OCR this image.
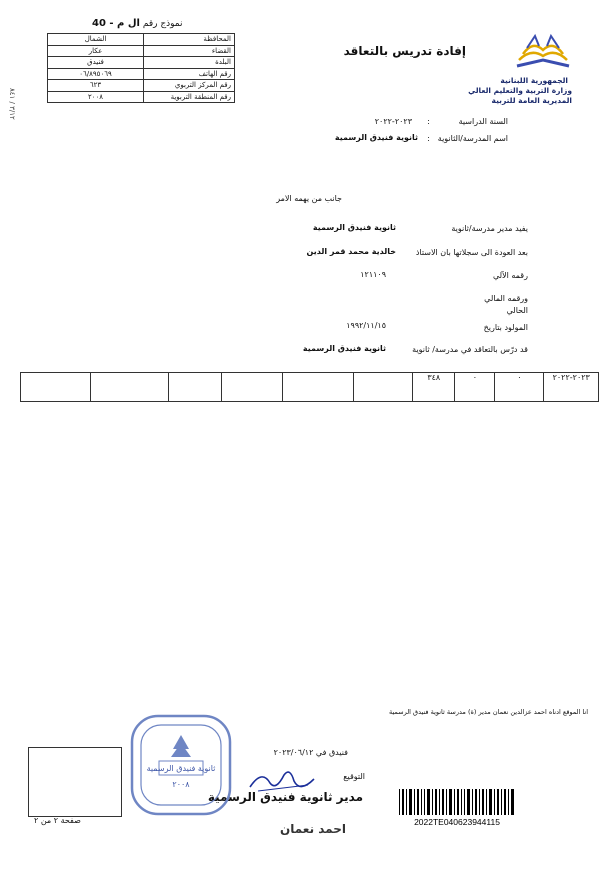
٣/١٢ / ٨٤١
نموذج رقم ال م - 40
الشمال	المحافظة
عكار	القضاء
فنيدق	البلدة
٠٦/٨٩٥٠٦٩	رقم الهاتف
٦٢٣	رقم المركز التربوي
٢٠٠٨	رقم المنطقة التربوية
إفادة تدريس بالتعاقد
الجمهورية اللبنانية
وزارة التربية والتعليم العالي
المديرية العامة للتربية
السنة الدراسية
:
٢٠٢٣-٢٠٢٢
اسم المدرسة/الثانوية
:
ثانوية فنيدق الرسمية
جانب من يهمه الامر
يفيد مدير مدرسة/ثانوية
ثانوية فنيدق الرسمية
بعد العودة الى سجلاتها بان الاستاذ
خالدية محمد قمر الدين
رقمه الآلي
١٢١١٠٩
ورقمه المالي
الحالي
المولود بتاريخ
١٩٩٢/١١/١٥
قد درّس بالتعاقد في مدرسة/ ثانوية
ثانوية فنيدق الرسمية
						٣٤٨	٠	٠	٢٠٢٣-٢٠٢٢
انا الموقع ادناه احمد عزالدين نعمان مدير (ة) مدرسة ثانوية فنيدق الرسمية
فنيدق في ٢٠٢٣/٠٦/١٢
التوقيع
مدير ثانوية فنيدق الرسمية
احمد نعمان
ثانوية فنيدق الرسمية
٢٠٠٨
صفحة ٢ من ٢	2022TE040623944115
